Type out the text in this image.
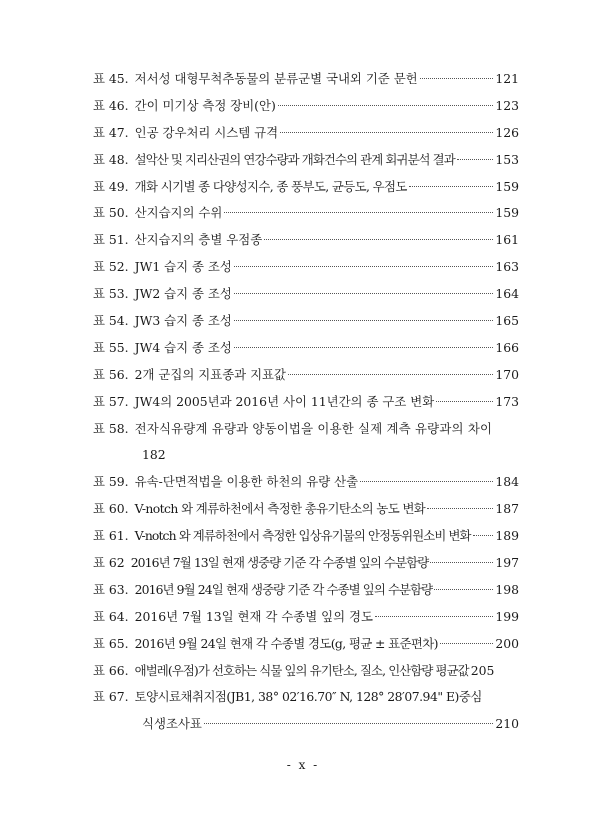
표 45. 저서성 대형무척추동물의 분류군별 국내외 기준 문헌	121
표 46. 간이 미기상 측정 장비(안)	123
표 47. 인공 강우처리 시스템 규격	126
표 48. 설악산 및 지리산권의 연강수량과 개화건수의 관계 회귀분석 결과	153
표 49. 개화 시기별 종 다양성지수, 종 풍부도, 균등도, 우점도	159
표 50. 산지습지의 수위	159
표 51. 산지습지의 층별 우점종	161
표 52. JW1 습지 종 조성	163
표 53. JW2 습지 종 조성	164
표 54. JW3 습지 종 조성	165
표 55. JW4 습지 종 조성	166
표 56. 2개 군집의 지표종과 지표값	170
표 57. JW4의 2005년과 2016년 사이 11년간의 종 구조 변화	173
표 58. 전자식유량계 유량과 양동이법을 이용한 실제 계측 유량과의 차이
182
표 59. 유속-단면적법을 이용한 하천의 유량 산출	184
표 60. V-notch 와 계류하천에서 측정한 총유기탄소의 농도 변화	187
표 61. V-notch 와 계류하천에서 측정한 입상유기물의 안정동위원소비 변화 189
표 62 2016년 7월 13일 현재 생중량 기준 각 수종별 잎의 수분함량	197
표 63. 2016년 9월 24일 현재 생중량 기준 각 수종별 잎의 수분함량	198
표 64. 2016년 7월 13일 현재 각 수종별 잎의 경도	199
표 65. 2016년 9월 24일 현재 각 수종별 경도(g, 평균 ± 표준편차)	200
표 66. 애벌레(우점)가 선호하는 식물 잎의 유기탄소, 질소, 인산함량 평균값 205
표 67. 토양시료채취지점(JB1, 38° 02′16.70″ N, 128° 28′07.94" E)중심
식생조사표	210
- x -
